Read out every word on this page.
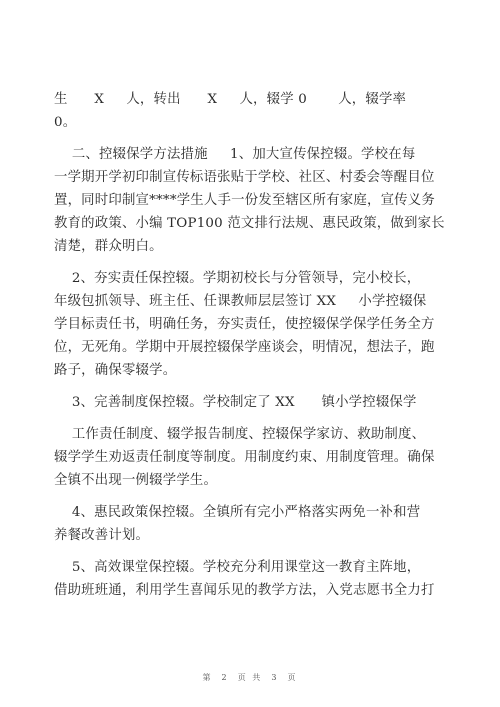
生      X     人，转出      X     人，辍学 0       人，辍学率
0。
二、控辍保学方法措施     1、加大宣传保控辍。学校在每
一学期开学初印制宣传标语张贴于学校、社区、村委会等醒目位
置，同时印制宣****学生人手一份发至辖区所有家庭，宣传义务
教育的政策、小编 TOP100 范文排行法规、惠民政策，做到家长
清楚，群众明白。
2、夯实责任保控辍。学期初校长与分管领导，完小校长，
年级包抓领导、班主任、任课教师层层签订 XX     小学控辍保
学目标责任书，明确任务，夯实责任，使控辍保学保学任务全方
位，无死角。学期中开展控辍保学座谈会，明情况，想法子，跑
路子，确保零辍学。
3、完善制度保控辍。学校制定了 XX      镇小学控辍保学
工作责任制度、辍学报告制度、控辍保学家访、救助制度、
辍学学生劝返责任制度等制度。用制度约束、用制度管理。确保
全镇不出现一例辍学学生。
4、惠民政策保控辍。全镇所有完小严格落实两免一补和营
养餐改善计划。
5、高效课堂保控辍。学校充分利用课堂这一教育主阵地，
借助班班通，利用学生喜闻乐见的教学方法，入党志愿书全力打
第  2  页 共  3  页
